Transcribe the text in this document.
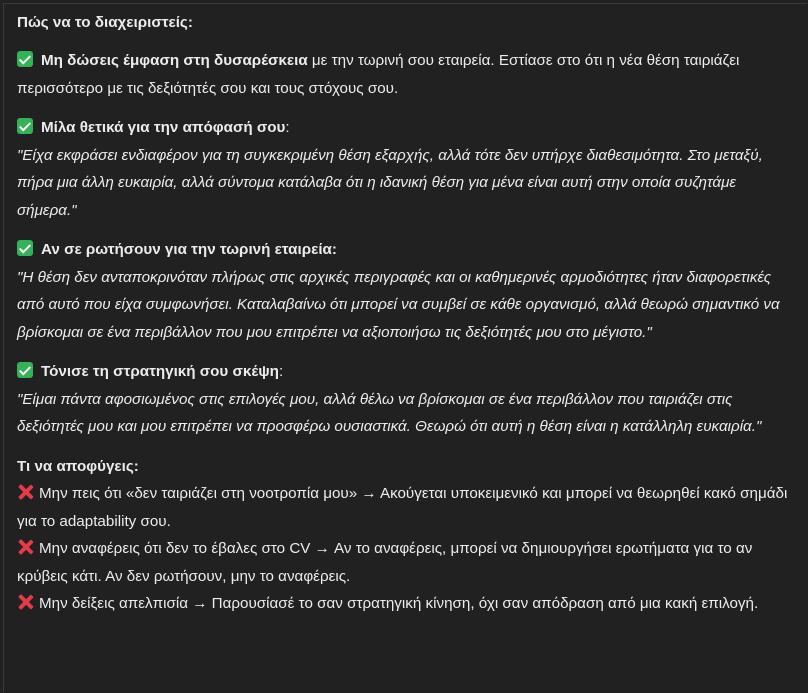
Πώς να το διαχειριστείς:

Μη δώσεις έμφαση στη δυσαρέσκεια με την τωρινή σου εταιρεία. Εστίασε στο ότι η νέα θέση ταιριάζει περισσότερο με τις δεξιότητές σου και τους στόχους σου.

Μίλα θετικά για την απόφασή σου:

"Είχα εκφράσει ενδιαφέρον για τη συγκεκριμένη θέση εξαρχής, αλλά τότε δεν υπήρχε διαθεσιμότητα. Στο μεταξύ, πήρα μια άλλη ευκαιρία, αλλά σύντομα κατάλαβα ότι η ιδανική θέση για μένα είναι αυτή στην οποία συζητάμε σήμερα."

Αν σε ρωτήσουν για την τωρινή εταιρεία:

"Η θέση δεν ανταποκρινόταν πλήρως στις αρχικές περιγραφές και οι καθημερινές αρμοδιότητες ήταν διαφορετικές από αυτό που είχα συμφωνήσει. Καταλαβαίνω ότι μπορεί να συμβεί σε κάθε οργανισμό, αλλά θεωρώ σημαντικό να βρίσκομαι σε ένα περιβάλλον που μου επιτρέπει να αξιοποιήσω τις δεξιότητές μου στο μέγιστο."

Τόνισε τη στρατηγική σου σκέψη:

"Είμαι πάντα αφοσιωμένος στις επιλογές μου, αλλά θέλω να βρίσκομαι σε ένα περιβάλλον που ταιριάζει στις δεξιότητές μου και μου επιτρέπει να προσφέρω ουσιαστικά. Θεωρώ ότι αυτή η θέση είναι η κατάλληλη ευκαιρία."

Τι να αποφύγεις:
Μην πεις ότι «δεν ταιριάζει στη νοοτροπία μου» → Ακούγεται υποκειμενικό και μπορεί να θεωρηθεί κακό σημάδι για το adaptability σου.
Μην αναφέρεις ότι δεν το έβαλες στο CV → Αν το αναφέρεις, μπορεί να δημιουργήσει ερωτήματα για το αν κρύβεις κάτι. Αν δεν ρωτήσουν, μην το αναφέρεις.
Μην δείξεις απελπισία → Παρουσίασέ το σαν στρατηγική κίνηση, όχι σαν απόδραση από μια κακή επιλογή.
